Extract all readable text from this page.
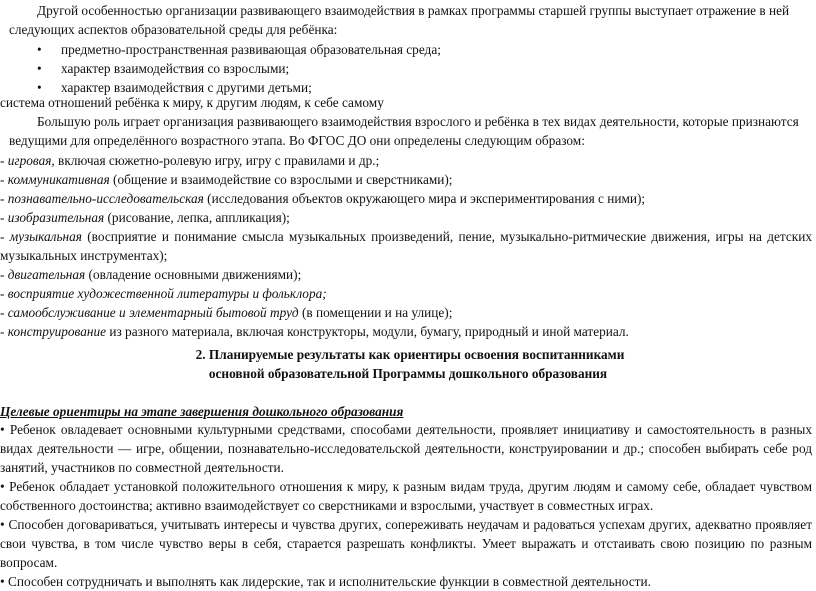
Другой особенностью организации развивающего взаимодействия в рамках программы старшей группы выступает отражение в ней
следующих аспектов образовательной среды для ребёнка:
• предметно-пространственная развивающая образовательная среда;
• характер взаимодействия со взрослыми;
• характер взаимодействия с другими детьми;
система отношений ребёнка к миру, к другим людям, к себе самому
Большую роль играет организация развивающего взаимодействия взрослого и ребёнка в тех видах деятельности, которые признаются
ведущими для определённого возрастного этапа. Во ФГОС ДО они определены следующим образом:
- игровая, включая сюжетно-ролевую игру, игру с правилами и др.;
- коммуникативная (общение и взаимодействие со взрослыми и сверстниками);
- познавательно-исследовательская (исследования объектов окружающего мира и экспериментирования с ними);
- изобразительная (рисование, лепка, аппликация);
- музыкальная (восприятие и понимание смысла музыкальных произведений, пение, музыкально-ритмические движения, игры на детских музыкальных инструментах);
- двигательная (овладение основными движениями);
- восприятие художественной литературы и фольклора;
- самообслуживание и элементарный бытовой труд (в помещении и на улице);
- конструирование из разного материала, включая конструкторы, модули, бумагу, природный и иной материал.
2. Планируемые результаты как ориентиры освоения воспитанниками
основной образовательной Программы дошкольного образования
Целевые ориентиры на этапе завершения дошкольного образования
• Ребенок овладевает основными культурными средствами, способами деятельности, проявляет инициативу и самостоятельность в разных видах деятельности — игре, общении, познавательно-исследовательской деятельности, конструировании и др.; способен выбирать себе род занятий, участников по совместной деятельности.
• Ребенок обладает установкой положительного отношения к миру, к разным видам труда, другим людям и самому себе, обладает чувством собственного достоинства; активно взаимодействует со сверстниками и взрослыми, участвует в совместных играх.
• Способен договариваться, учитывать интересы и чувства других, сопереживать неудачам и радоваться успехам других, адекватно проявляет свои чувства, в том числе чувство веры в себя, старается разрешать конфликты. Умеет выражать и отстаивать свою позицию по разным вопросам.
• Способен сотрудничать и выполнять как лидерские, так и исполнительские функции в совместной деятельности.
